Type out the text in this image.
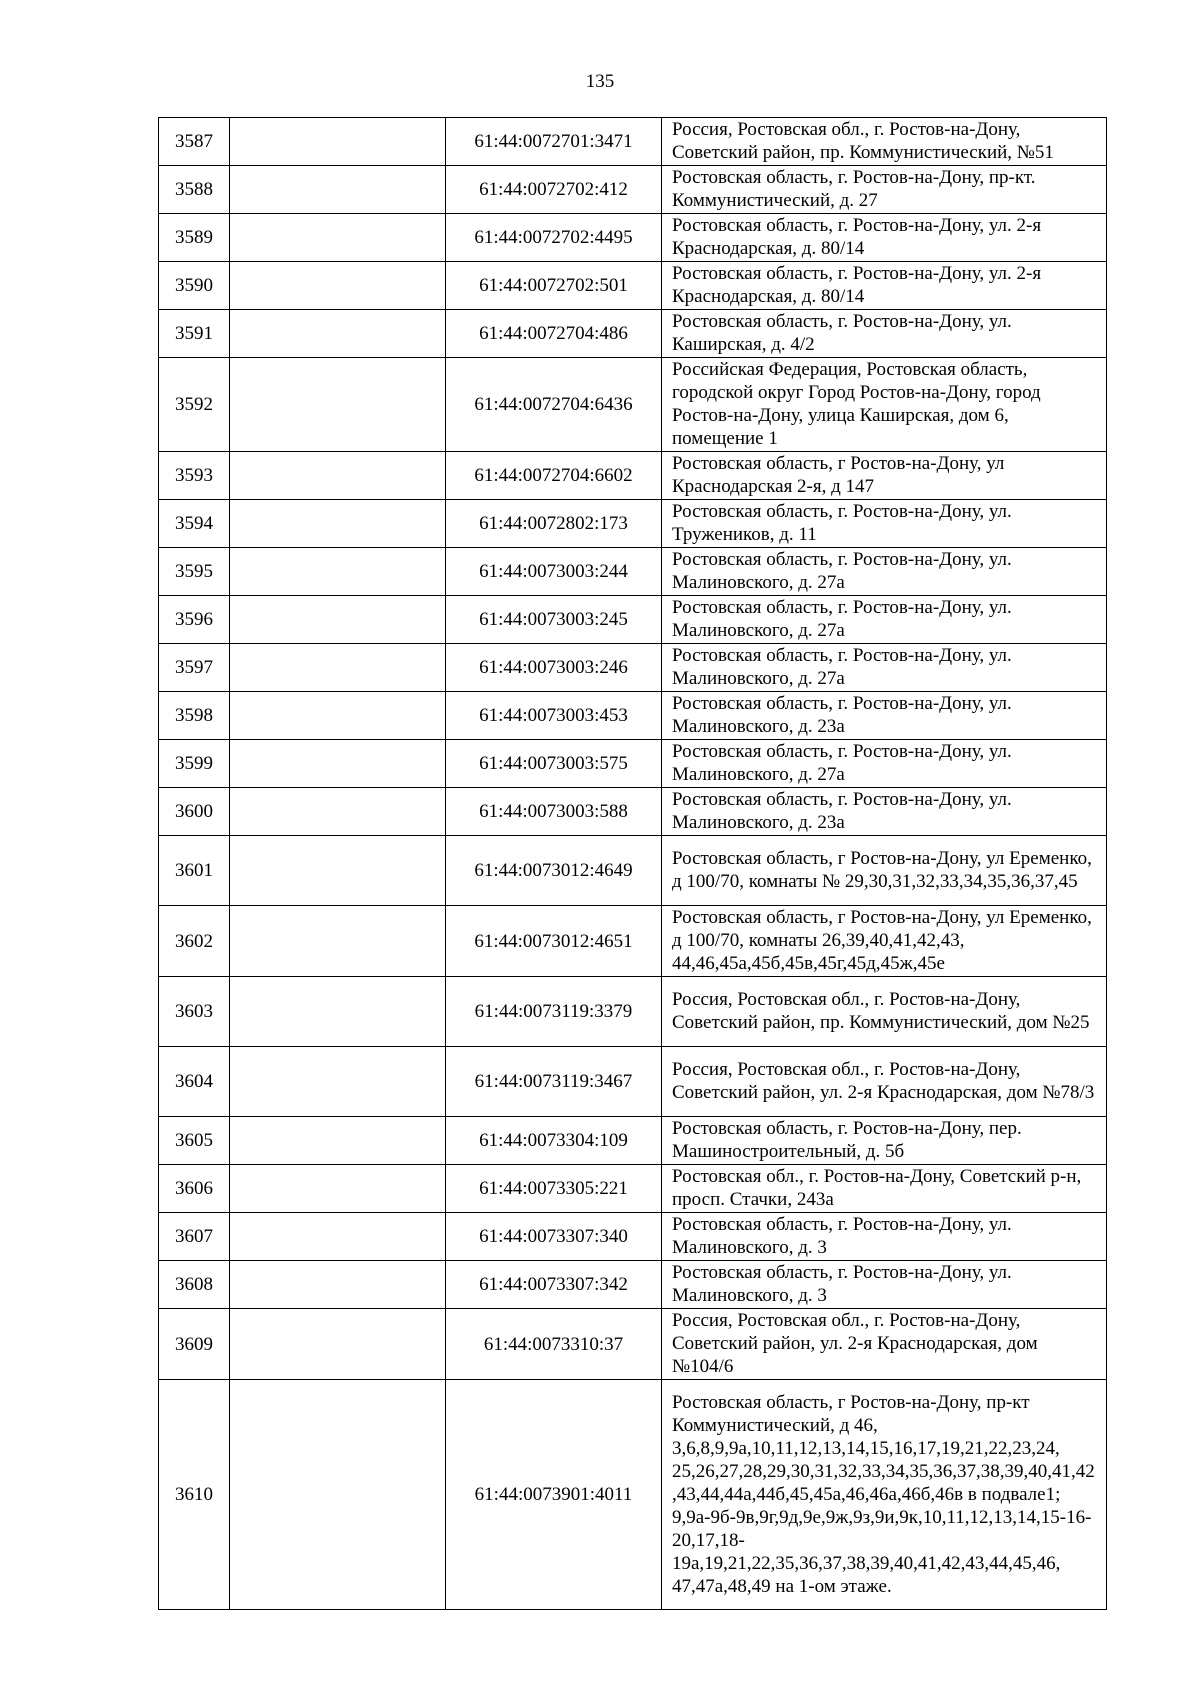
135
3587		61:44:0072701:3471	Россия, Ростовская обл., г. Ростов-на-Дону, Советский район, пр. Коммунистический, №51
3588		61:44:0072702:412	Ростовская область, г. Ростов-на-Дону, пр-кт. Коммунистический, д. 27
3589		61:44:0072702:4495	Ростовская область, г. Ростов-на-Дону, ул. 2-я Краснодарская, д. 80/14
3590		61:44:0072702:501	Ростовская область, г. Ростов-на-Дону, ул. 2-я Краснодарская, д. 80/14
3591		61:44:0072704:486	Ростовская область, г. Ростов-на-Дону, ул. Каширская, д. 4/2
3592		61:44:0072704:6436	Российская Федерация, Ростовская область, городской округ Город Ростов-на-Дону, город Ростов-на-Дону, улица Каширская, дом 6, помещение 1
3593		61:44:0072704:6602	Ростовская область, г Ростов-на-Дону, ул Краснодарская 2-я, д 147
3594		61:44:0072802:173	Ростовская область, г. Ростов-на-Дону, ул. Тружеников, д. 11
3595		61:44:0073003:244	Ростовская область, г. Ростов-на-Дону, ул. Малиновского, д. 27а
3596		61:44:0073003:245	Ростовская область, г. Ростов-на-Дону, ул. Малиновского, д. 27а
3597		61:44:0073003:246	Ростовская область, г. Ростов-на-Дону, ул. Малиновского, д. 27а
3598		61:44:0073003:453	Ростовская область, г. Ростов-на-Дону, ул. Малиновского, д. 23а
3599		61:44:0073003:575	Ростовская область, г. Ростов-на-Дону, ул. Малиновского, д. 27а
3600		61:44:0073003:588	Ростовская область, г. Ростов-на-Дону, ул. Малиновского, д. 23а
3601		61:44:0073012:4649	Ростовская область, г Ростов-на-Дону, ул Еременко, д 100/70, комнаты № 29,30,31,32,33,34,35,36,37,45
3602		61:44:0073012:4651	Ростовская область, г Ростов-на-Дону, ул Еременко, д 100/70, комнаты 26,39,40,41,42,43, 44,46,45а,45б,45в,45г,45д,45ж,45е
3603		61:44:0073119:3379	Россия, Ростовская обл., г. Ростов-на-Дону, Советский район, пр. Коммунистический, дом №25
3604		61:44:0073119:3467	Россия, Ростовская обл., г. Ростов-на-Дону, Советский район, ул. 2-я Краснодарская, дом №78/3
3605		61:44:0073304:109	Ростовская область, г. Ростов-на-Дону, пер. Машиностроительный, д. 5б
3606		61:44:0073305:221	Ростовская обл., г. Ростов-на-Дону, Советский р-н, просп. Стачки, 243а
3607		61:44:0073307:340	Ростовская область, г. Ростов-на-Дону, ул. Малиновского, д. 3
3608		61:44:0073307:342	Ростовская область, г. Ростов-на-Дону, ул. Малиновского, д. 3
3609		61:44:0073310:37	Россия, Ростовская обл., г. Ростов-на-Дону, Советский район, ул. 2-я Краснодарская, дом №104/6
3610		61:44:0073901:4011	Ростовская область, г Ростов-на-Дону, пр-кт Коммунистический, д 46, 3,6,8,9,9а,10,11,12,13,14,15,16,17,19,21,22,23,24, 25,26,27,28,29,30,31,32,33,34,35,36,37,38,39,40,41,42,43,44,44а,44б,45,45а,46,46а,46б,46в в подвале1; 9,9а-9б-9в,9г,9д,9е,9ж,9з,9и,9к,10,11,12,13,14,15-16-20,17,18-19а,19,21,22,35,36,37,38,39,40,41,42,43,44,45,46, 47,47а,48,49 на 1-ом этаже.
